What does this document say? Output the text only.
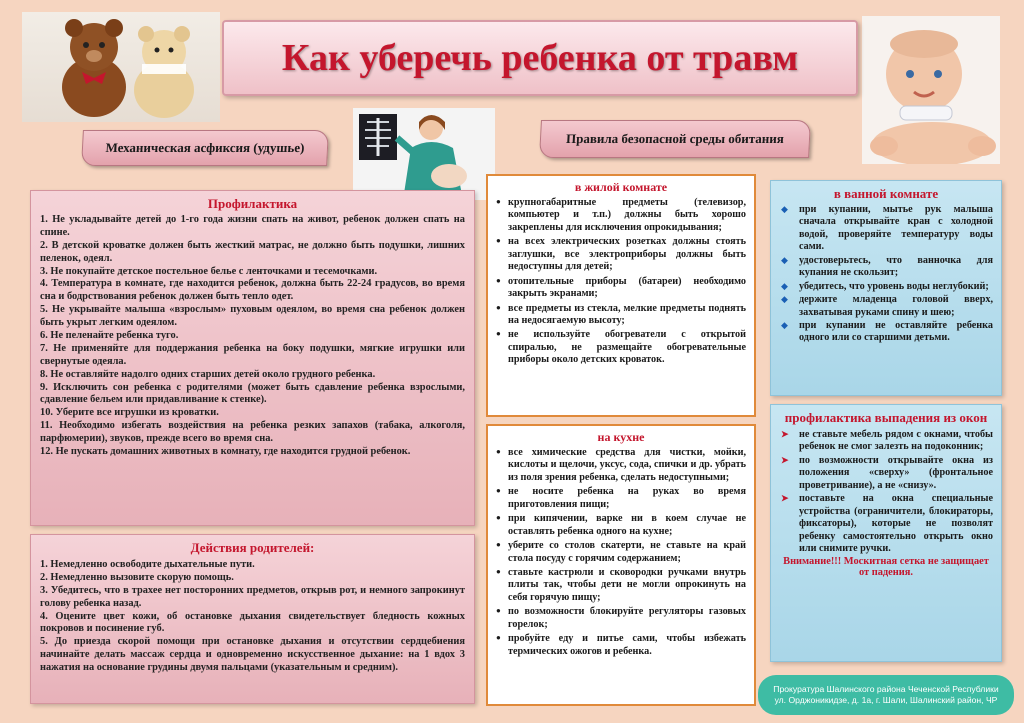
Как уберечь ребенка от травм
Механическая асфиксия (удушье)
Правила безопасной среды обитания
Профилактика

1. Не укладывайте детей до 1-го года жизни спать на живот, ребенок должен спать на спине.

2. В детской кроватке должен быть жесткий матрас, не должно быть подушки, лишних пеленок, одеял.

3. Не покупайте детское постельное белье с ленточками и тесемочками.

4. Температура в комнате, где находится ребенок, должна быть 22-24 градусов, во время сна и бодрствования ребенок должен быть тепло одет.

5. Не укрывайте малыша «взрослым» пуховым одеялом, во время сна ребенок должен быть укрыт легким одеялом.

6. Не пеленайте ребенка туго.

7. Не применяйте для поддержания ребенка на боку подушки, мягкие игрушки или свернутые одеяла.

8. Не оставляйте надолго одних старших детей около грудного ребенка.

9. Исключить сон ребенка с родителями (может быть сдавление ребенка взрослыми, сдавление бельем или придавливание к стенке).

10. Уберите все игрушки из кроватки.

11. Необходимо избегать воздействия на ребенка резких запахов (табака, алкоголя, парфюмерии), звуков, прежде всего во время сна.

12. Не пускать домашних животных в комнату, где находится грудной ребенок.

Действия родителей:

1. Немедленно освободите дыхательные пути.

2. Немедленно вызовите скорую помощь.

3. Убедитесь, что в трахее нет посторонних предметов, открыв рот, и немного запрокинут голову ребенка назад.

4. Оцените цвет кожи, об остановке дыхания свидетельствует бледность кожных покровов и посинение губ.

5. До приезда скорой помощи при остановке дыхания и отсутствии сердцебиения начинайте делать массаж сердца и одновременно искусственное дыхание: на 1 вдох 3 нажатия на основание грудины двумя пальцами (указательным и средним).

в жилой комнате
● крупногабаритные предметы (телевизор, компьютер и т.п.) должны быть хорошо закреплены для исключения опрокидывания;
● на всех электрических розетках должны стоять заглушки, все электроприборы должны быть недоступны для детей;
● отопительные приборы (батареи) необходимо закрыть экранами;
● все предметы из стекла, мелкие предметы поднять на недосягаемую высоту;
● не используйте обогреватели с открытой спиралью, не размещайте обогревательные приборы около детских кроваток.
на кухне
● все химические средства для чистки, мойки, кислоты и щелочи, уксус, сода, спички и др. убрать из поля зрения ребенка, сделать недоступными;
● не носите ребенка на руках во время приготовления пищи;
● при кипячении, варке ни в коем случае не оставлять ребенка одного на кухне;
● уберите со столов скатерти, не ставьте на край стола посуду с горячим содержанием;
● ставьте кастрюли и сковородки ручками внутрь плиты так, чтобы дети не могли опрокинуть на себя горячую пищу;
● по возможности блокируйте регуляторы газовых горелок;
● пробуйте еду и питье сами, чтобы избежать термических ожогов и ребенка.
в ванной комнате
◆ при купании, мытье рук малыша сначала открывайте кран с холодной водой, проверяйте температуру воды сами.
◆ удостоверьтесь, что ванночка для купания не скользит;
◆ убедитесь, что уровень воды неглубокий;
◆ держите младенца головой вверх, захватывая руками спину и шею;
◆ при купании не оставляйте ребенка одного или со старшими детьми.
профилактика выпадения из окон
➤ не ставьте мебель рядом с окнами, чтобы ребенок не смог залезть на подоконник;
➤ по возможности открывайте окна из положения «сверху» (фронтальное проветривание), а не «снизу».
➤ поставьте на окна специальные устройства (ограничители, блокираторы, фиксаторы), которые не позволят ребенку самостоятельно открыть окно или снимите ручки.
Внимание!!! Москитная сетка не защищает от падения.
Прокуратура Шалинского района Чеченской Республики
ул. Орджоникидзе, д. 1а, г. Шали, Шалинский район, ЧР
